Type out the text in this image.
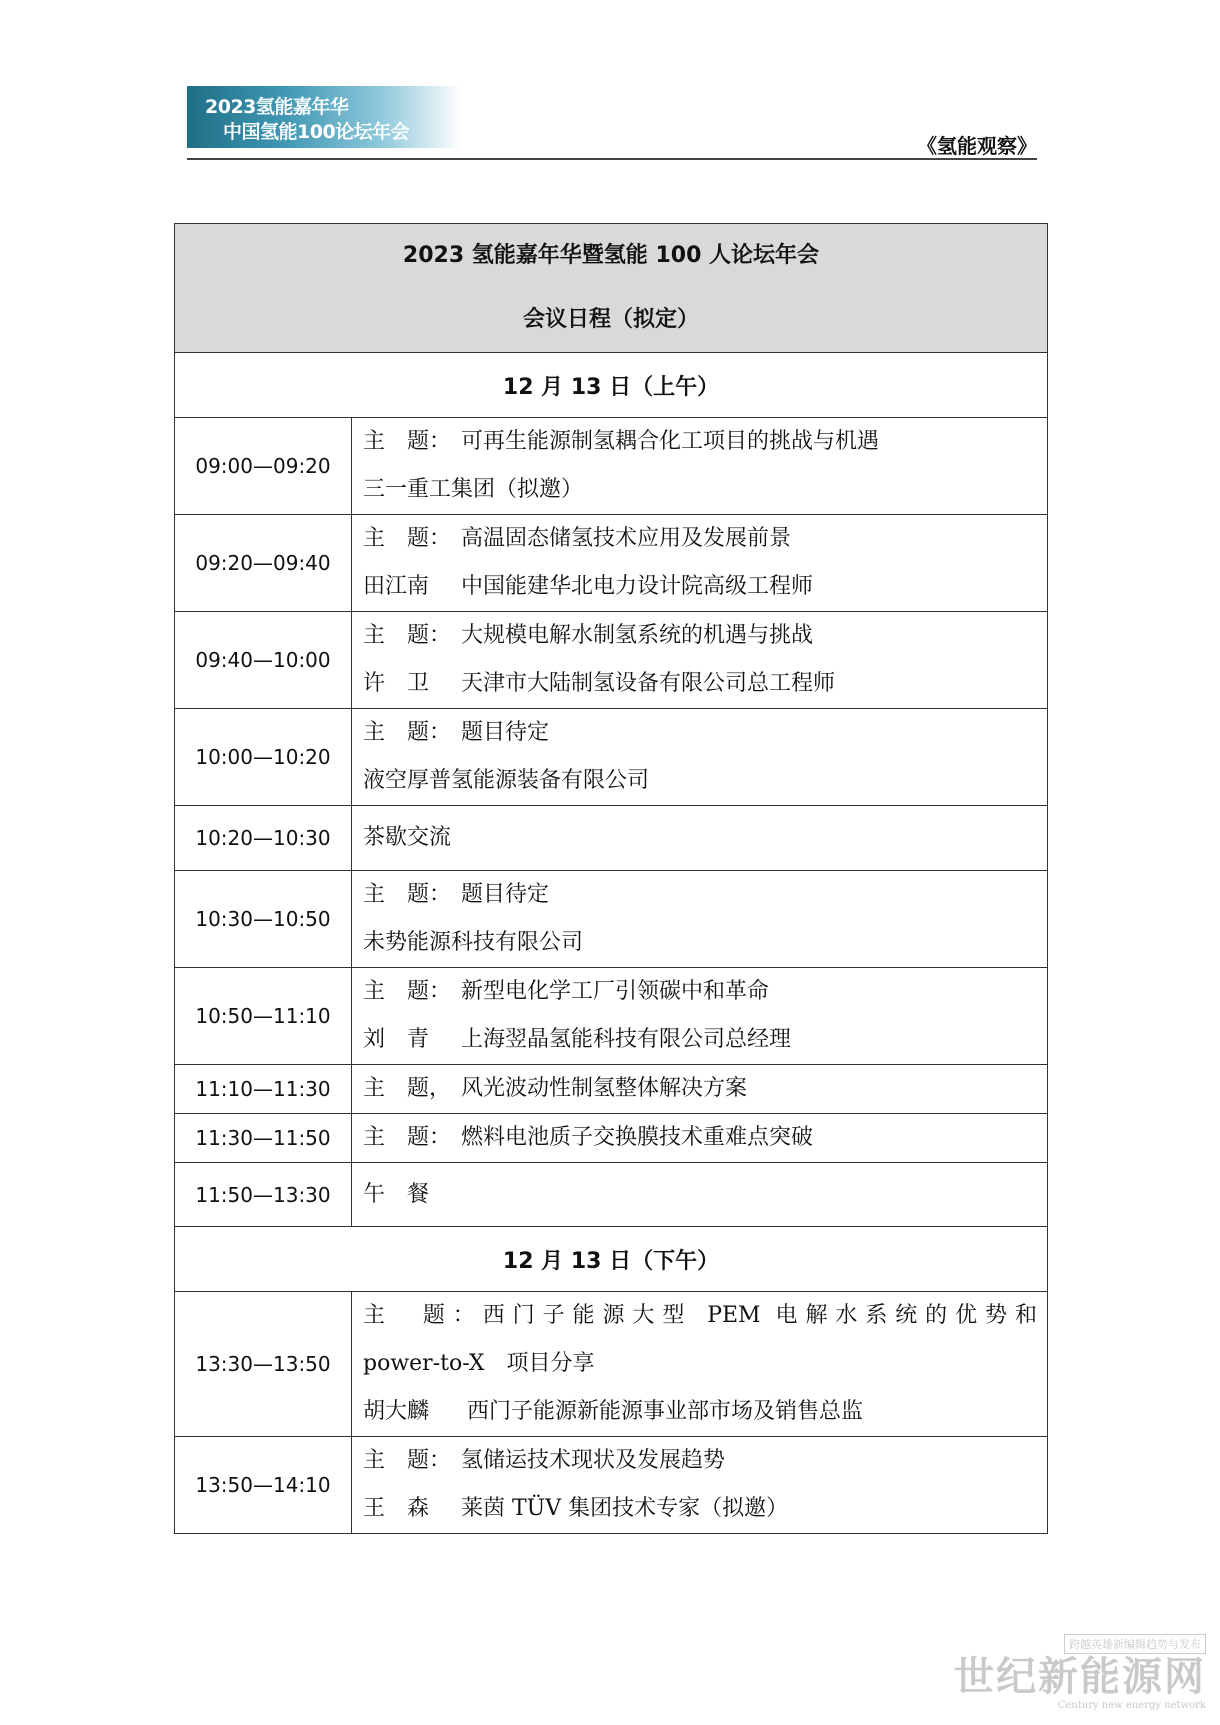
2023氢能嘉年华
中国氢能100论坛年会
《氢能观察》
2023 氢能嘉年华暨氢能 100 人论坛年会
会议日程（拟定）	

12 月 13 日（上午）	
09:00—09:20	主　题： 可再生能源制氢耦合化工项目的挑战与机遇
三一重工集团（拟邀）

09:20—09:40	主　题： 高温固态储氢技术应用及发展前景
田江南 中国能建华北电力设计院高级工程师

09:40—10:00	主　题： 大规模电解水制氢系统的机遇与挑战
许　卫 天津市大陆制氢设备有限公司总工程师

10:00—10:20	主　题： 题目待定
液空厚普氢能源装备有限公司

10:20—10:30	茶歇交流

10:30—10:50	主　题： 题目待定
未势能源科技有限公司

10:50—11:10	主　题： 新型电化学工厂引领碳中和革命
刘　青 上海翌晶氢能科技有限公司总经理

11:10—11:30	主　题， 风光波动性制氢整体解决方案

11:30—11:50	主　题： 燃料电池质子交换膜技术重难点突破

11:50—13:30	午　餐

12 月 13 日（下午）	
13:30—13:50	主　题：西门子能源大型 PEM 电解水系统的优势和
power-to-X　项目分享
胡大麟 西门子能源新能源事业部市场及销售总监

13:50—14:10	主　题： 氢储运技术现状及发展趋势
王　森 莱茵 TÜV 集团技术专家（拟邀）
跨越英雄新编辑趋势与发布
世纪新能源网
Century new energy network
